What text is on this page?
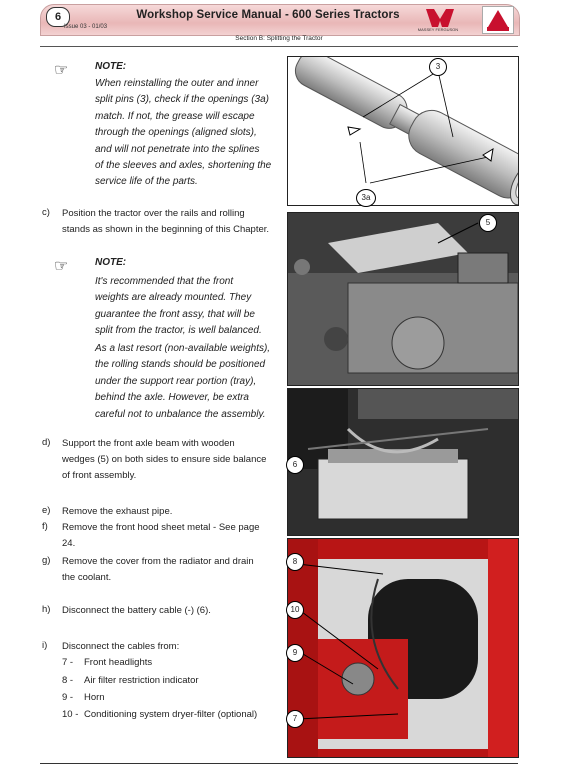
6	Workshop Service Manual - 600 Series Tractors
Issue 03 - 01/03	MASSEY FERGUSON
Section B: Splitting the Tractor
☞	NOTE:
When reinstalling the outer and inner
split pins (3), check if the openings (3a)
match. If not, the grease will escape
through the openings (aligned slots),
and will not penetrate into the splines
of the sleeves and axles, shortening the
service life of the parts.
c) Position the tractor over the rails and rolling
stands as shown in the beginning of this Chapter.
☞	NOTE:
It's recommended that the front
weights are already mounted. They
guarantee the front assy, that will be
split from the tractor, is well balanced.
As a last resort (non-available weights),
the rolling stands should be positioned
under the support rear portion (tray),
behind the axle. However, be extra
careful not to unbalance the assembly.
d) Support the front axle beam with wooden
wedges (5) on both sides to ensure side balance
of front assembly.
e) Remove the exhaust pipe.
f) Remove the front hood sheet metal - See page
24.
g) Remove the cover from the radiator and drain
the coolant.
h) Disconnect the battery cable (-) (6).
i) Disconnect the cables from:
7 - Front headlights
8 - Air filter restriction indicator
9 - Horn
10 - Conditioning system dryer-filter (optional)
3
3a
5
6
8
10
9
7
